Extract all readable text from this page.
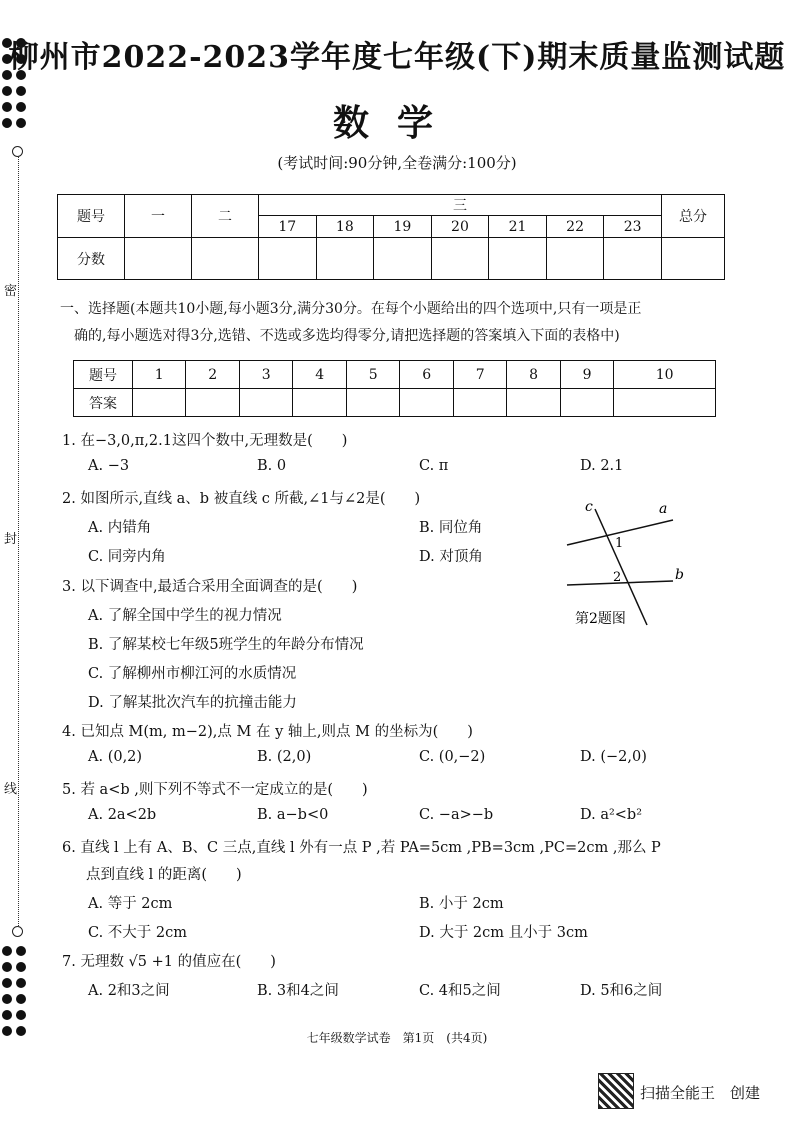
密
封
线
柳州市2022-2023学年度七年级(下)期末质量监测试题
数学
(考试时间:90分钟,全卷满分:100分)
题号	一	二	三							总分
			17	18	19	20	21	22	23	
分数										
一、选择题(本题共10小题,每小题3分,满分30分。在每个小题给出的四个选项中,只有一项是正
确的,每小题选对得3分,选错、不选或多选均得零分,请把选择题的答案填入下面的表格中)
题号	1	2	3	4	5	6	7	8	9	10
答案										
1. 在−3,0,π,2.1这四个数中,无理数是(　　)
A. −3	B. 0	C. π	D. 2.1
2. 如图所示,直线 a、b 被直线 c 所截,∠1与∠2是(　　)
A. 内错角	B. 同位角
C. 同旁内角	D. 对顶角
c	a
b
1
2
第2题图
3. 以下调查中,最适合采用全面调查的是(　　)
A. 了解全国中学生的视力情况
B. 了解某校七年级5班学生的年龄分布情况
C. 了解柳州市柳江河的水质情况
D. 了解某批次汽车的抗撞击能力
4. 已知点 M(m, m−2),点 M 在 y 轴上,则点 M 的坐标为(　　)
A. (0,2)	B. (2,0)	C. (0,−2)	D. (−2,0)
5. 若 a<b ,则下列不等式不一定成立的是(　　)
A. 2a<2b	B. a−b<0	C. −a>−b	D. a²<b²
6. 直线 l 上有 A、B、C 三点,直线 l 外有一点 P ,若 PA=5cm ,PB=3cm ,PC=2cm ,那么 P
点到直线 l 的距离(　　)
A. 等于 2cm	B. 小于 2cm
C. 不大于 2cm	D. 大于 2cm 且小于 3cm
7. 无理数 √5 +1 的值应在(　　)
A. 2和3之间	B. 3和4之间	C. 4和5之间	D. 5和6之间
七年级数学试卷　第1页　(共4页)
扫描全能王　创建
